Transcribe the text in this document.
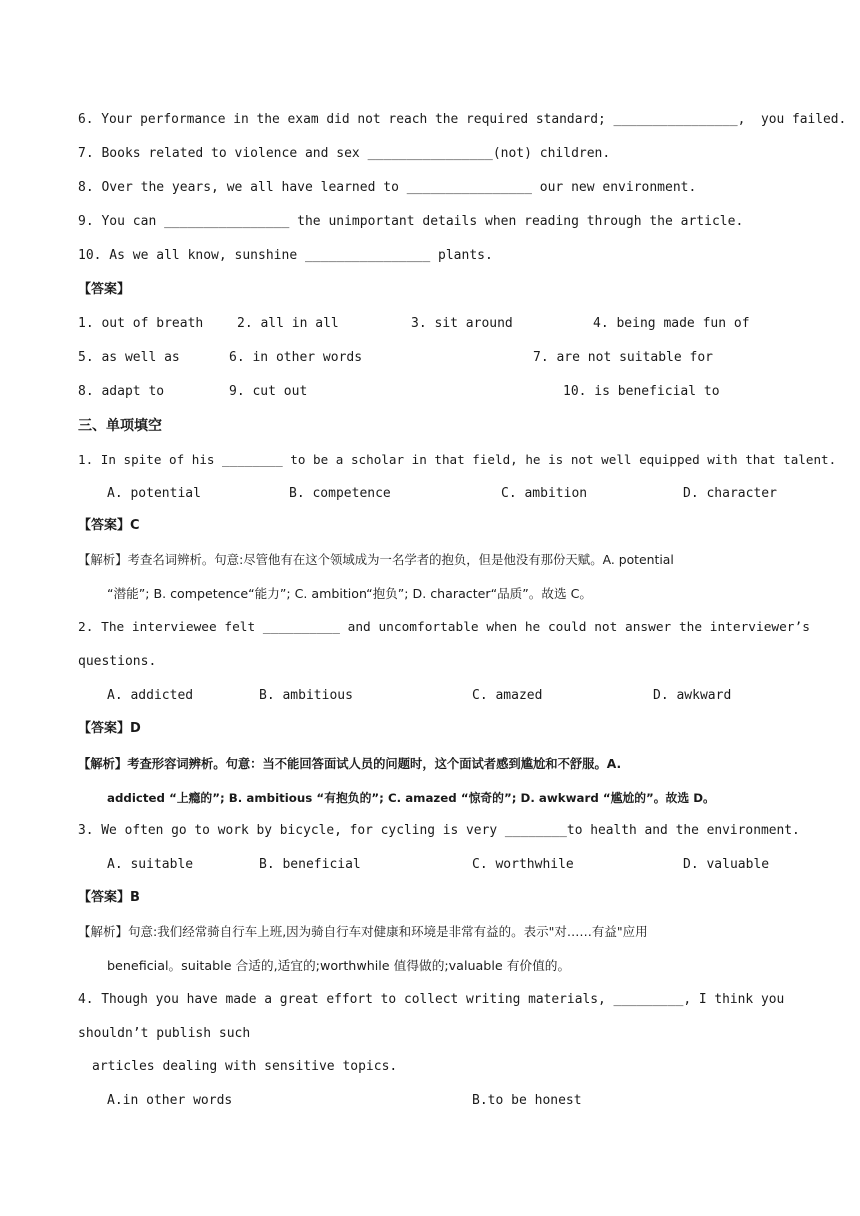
6. Your performance in the exam did not reach the required standard; ________________,  you failed.
7. Books related to violence and sex ________________(not) children.
8. Over the years, we all have learned to ________________ our new environment.
9. You can ________________ the unimportant details when reading through the article.
10. As we all know, sunshine ________________ plants.
【答案】
1. out of breath	2. all in all	3. sit around	4. being made fun of
5. as well as	6. in other words	7. are not suitable for
8. adapt to	9. cut out	10. is beneficial to
三、单项填空
1. In spite of his ________ to be a scholar in that field, he is not well equipped with that talent.
A. potential	B. competence	C. ambition	D. character
【答案】C
【解析】考查名词辨析。句意:尽管他有在这个领域成为一名学者的抱负，但是他没有那份天赋。A. potential
“潜能”; B. competence“能力”; C. ambition“抱负”; D. character“品质”。故选 C。
2. The interviewee felt __________ and uncomfortable when he could not answer the interviewer’s
questions.
A. addicted	B. ambitious	C. amazed	D. awkward
【答案】D
【解析】考查形容词辨析。句意：当不能回答面试人员的问题时，这个面试者感到尴尬和不舒服。A.
addicted “上瘾的”; B. ambitious “有抱负的”; C. amazed “惊奇的”; D. awkward “尴尬的”。故选 D。
3. We often go to work by bicycle, for cycling is very ________to health and the environment.
A. suitable	B. beneficial	C. worthwhile	D. valuable
【答案】B
【解析】句意:我们经常骑自行车上班,因为骑自行车对健康和环境是非常有益的。表示"对……有益"应用
beneficial。suitable 合适的,适宜的;worthwhile 值得做的;valuable 有价值的。
4. Though you have made a great effort to collect writing materials, _________, I think you
shouldn’t publish such
articles dealing with sensitive topics.
A.in other words	B.to be honest
